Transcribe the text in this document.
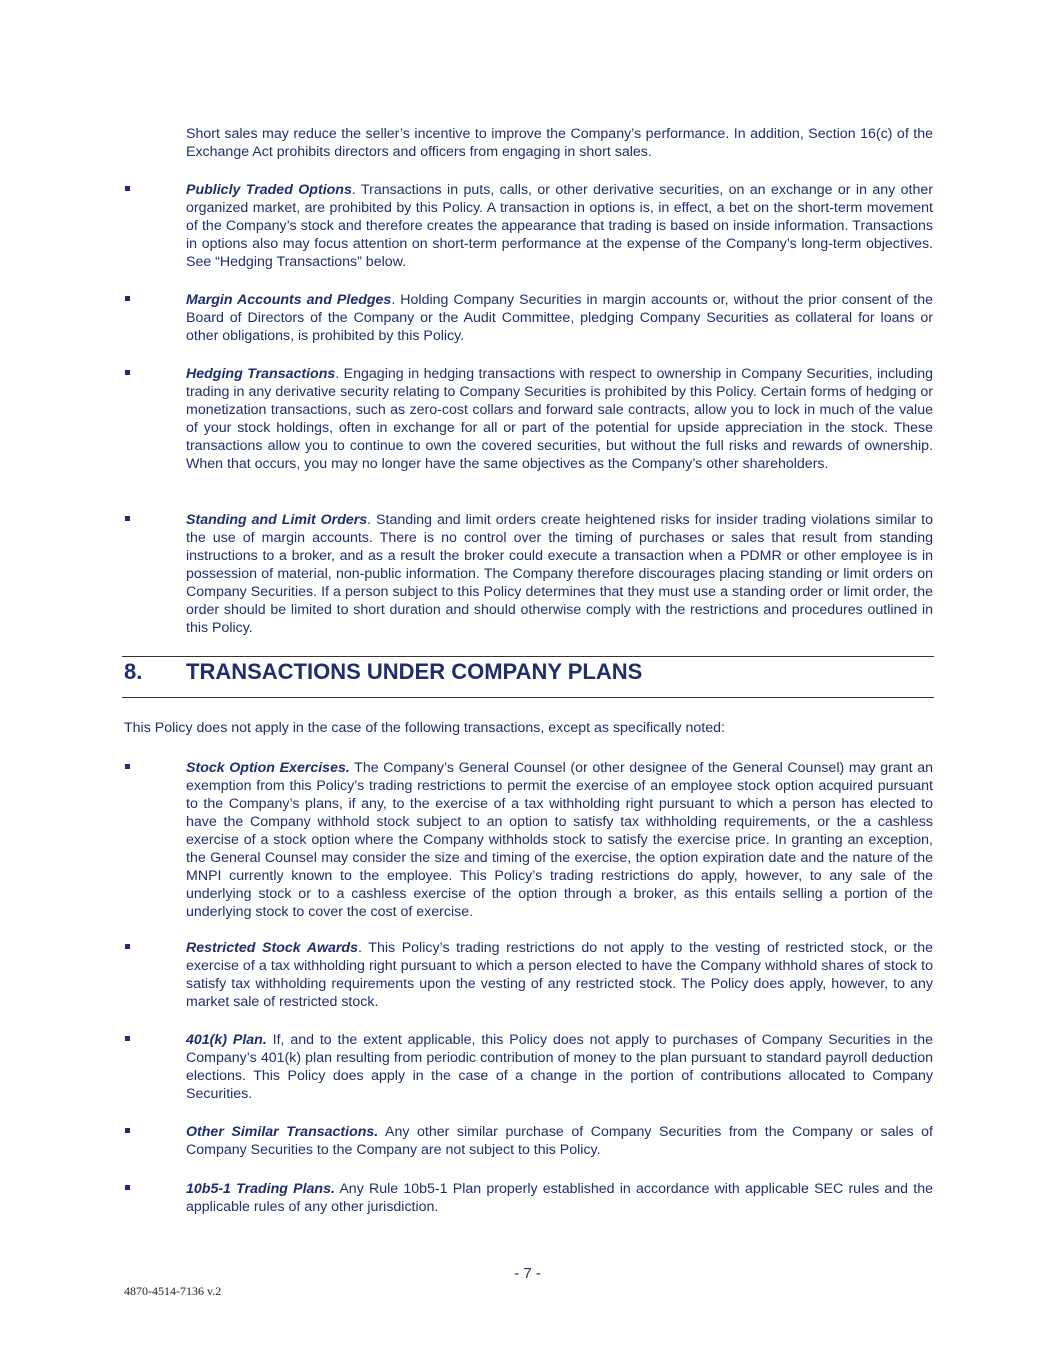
Short sales may reduce the seller’s incentive to improve the Company’s performance. In addition, Section 16(c) of the Exchange Act prohibits directors and officers from engaging in short sales.

Publicly Traded Options. Transactions in puts, calls, or other derivative securities, on an exchange or in any other organized market, are prohibited by this Policy. A transaction in options is, in effect, a bet on the short-term movement of the Company’s stock and therefore creates the appearance that trading is based on inside information. Transactions in options also may focus attention on short-term performance at the expense of the Company’s long-term objectives. See “Hedging Transactions” below.

Margin Accounts and Pledges. Holding Company Securities in margin accounts or, without the prior consent of the Board of Directors of the Company or the Audit Committee, pledging Company Securities as collateral for loans or other obligations, is prohibited by this Policy.

Hedging Transactions. Engaging in hedging transactions with respect to ownership in Company Securities, including trading in any derivative security relating to Company Securities is prohibited by this Policy. Certain forms of hedging or monetization transactions, such as zero-cost collars and forward sale contracts, allow you to lock in much of the value of your stock holdings, often in exchange for all or part of the potential for upside appreciation in the stock. These transactions allow you to continue to own the covered securities, but without the full risks and rewards of ownership. When that occurs, you may no longer have the same objectives as the Company’s other shareholders.

Standing and Limit Orders. Standing and limit orders create heightened risks for insider trading violations similar to the use of margin accounts. There is no control over the timing of purchases or sales that result from standing instructions to a broker, and as a result the broker could execute a transaction when a PDMR or other employee is in possession of material, non-public information. The Company therefore discourages placing standing or limit orders on Company Securities. If a person subject to this Policy determines that they must use a standing order or limit order, the order should be limited to short duration and should otherwise comply with the restrictions and procedures outlined in this Policy.

8. TRANSACTIONS UNDER COMPANY PLANS

This Policy does not apply in the case of the following transactions, except as specifically noted:

Stock Option Exercises. The Company’s General Counsel (or other designee of the General Counsel) may grant an exemption from this Policy’s trading restrictions to permit the exercise of an employee stock option acquired pursuant to the Company’s plans, if any, to the exercise of a tax withholding right pursuant to which a person has elected to have the Company withhold stock subject to an option to satisfy tax withholding requirements, or the a cashless exercise of a stock option where the Company withholds stock to satisfy the exercise price. In granting an exception, the General Counsel may consider the size and timing of the exercise, the option expiration date and the nature of the MNPI currently known to the employee. This Policy’s trading restrictions do apply, however, to any sale of the underlying stock or to a cashless exercise of the option through a broker, as this entails selling a portion of the underlying stock to cover the cost of exercise.

Restricted Stock Awards. This Policy’s trading restrictions do not apply to the vesting of restricted stock, or the exercise of a tax withholding right pursuant to which a person elected to have the Company withhold shares of stock to satisfy tax withholding requirements upon the vesting of any restricted stock. The Policy does apply, however, to any market sale of restricted stock.

401(k) Plan. If, and to the extent applicable, this Policy does not apply to purchases of Company Securities in the Company’s 401(k) plan resulting from periodic contribution of money to the plan pursuant to standard payroll deduction elections. This Policy does apply in the case of a change in the portion of contributions allocated to Company Securities.

Other Similar Transactions. Any other similar purchase of Company Securities from the Company or sales of Company Securities to the Company are not subject to this Policy.

10b5-1 Trading Plans. Any Rule 10b5-1 Plan properly established in accordance with applicable SEC rules and the applicable rules of any other jurisdiction.

- 7 -
4870-4514-7136 v.2
